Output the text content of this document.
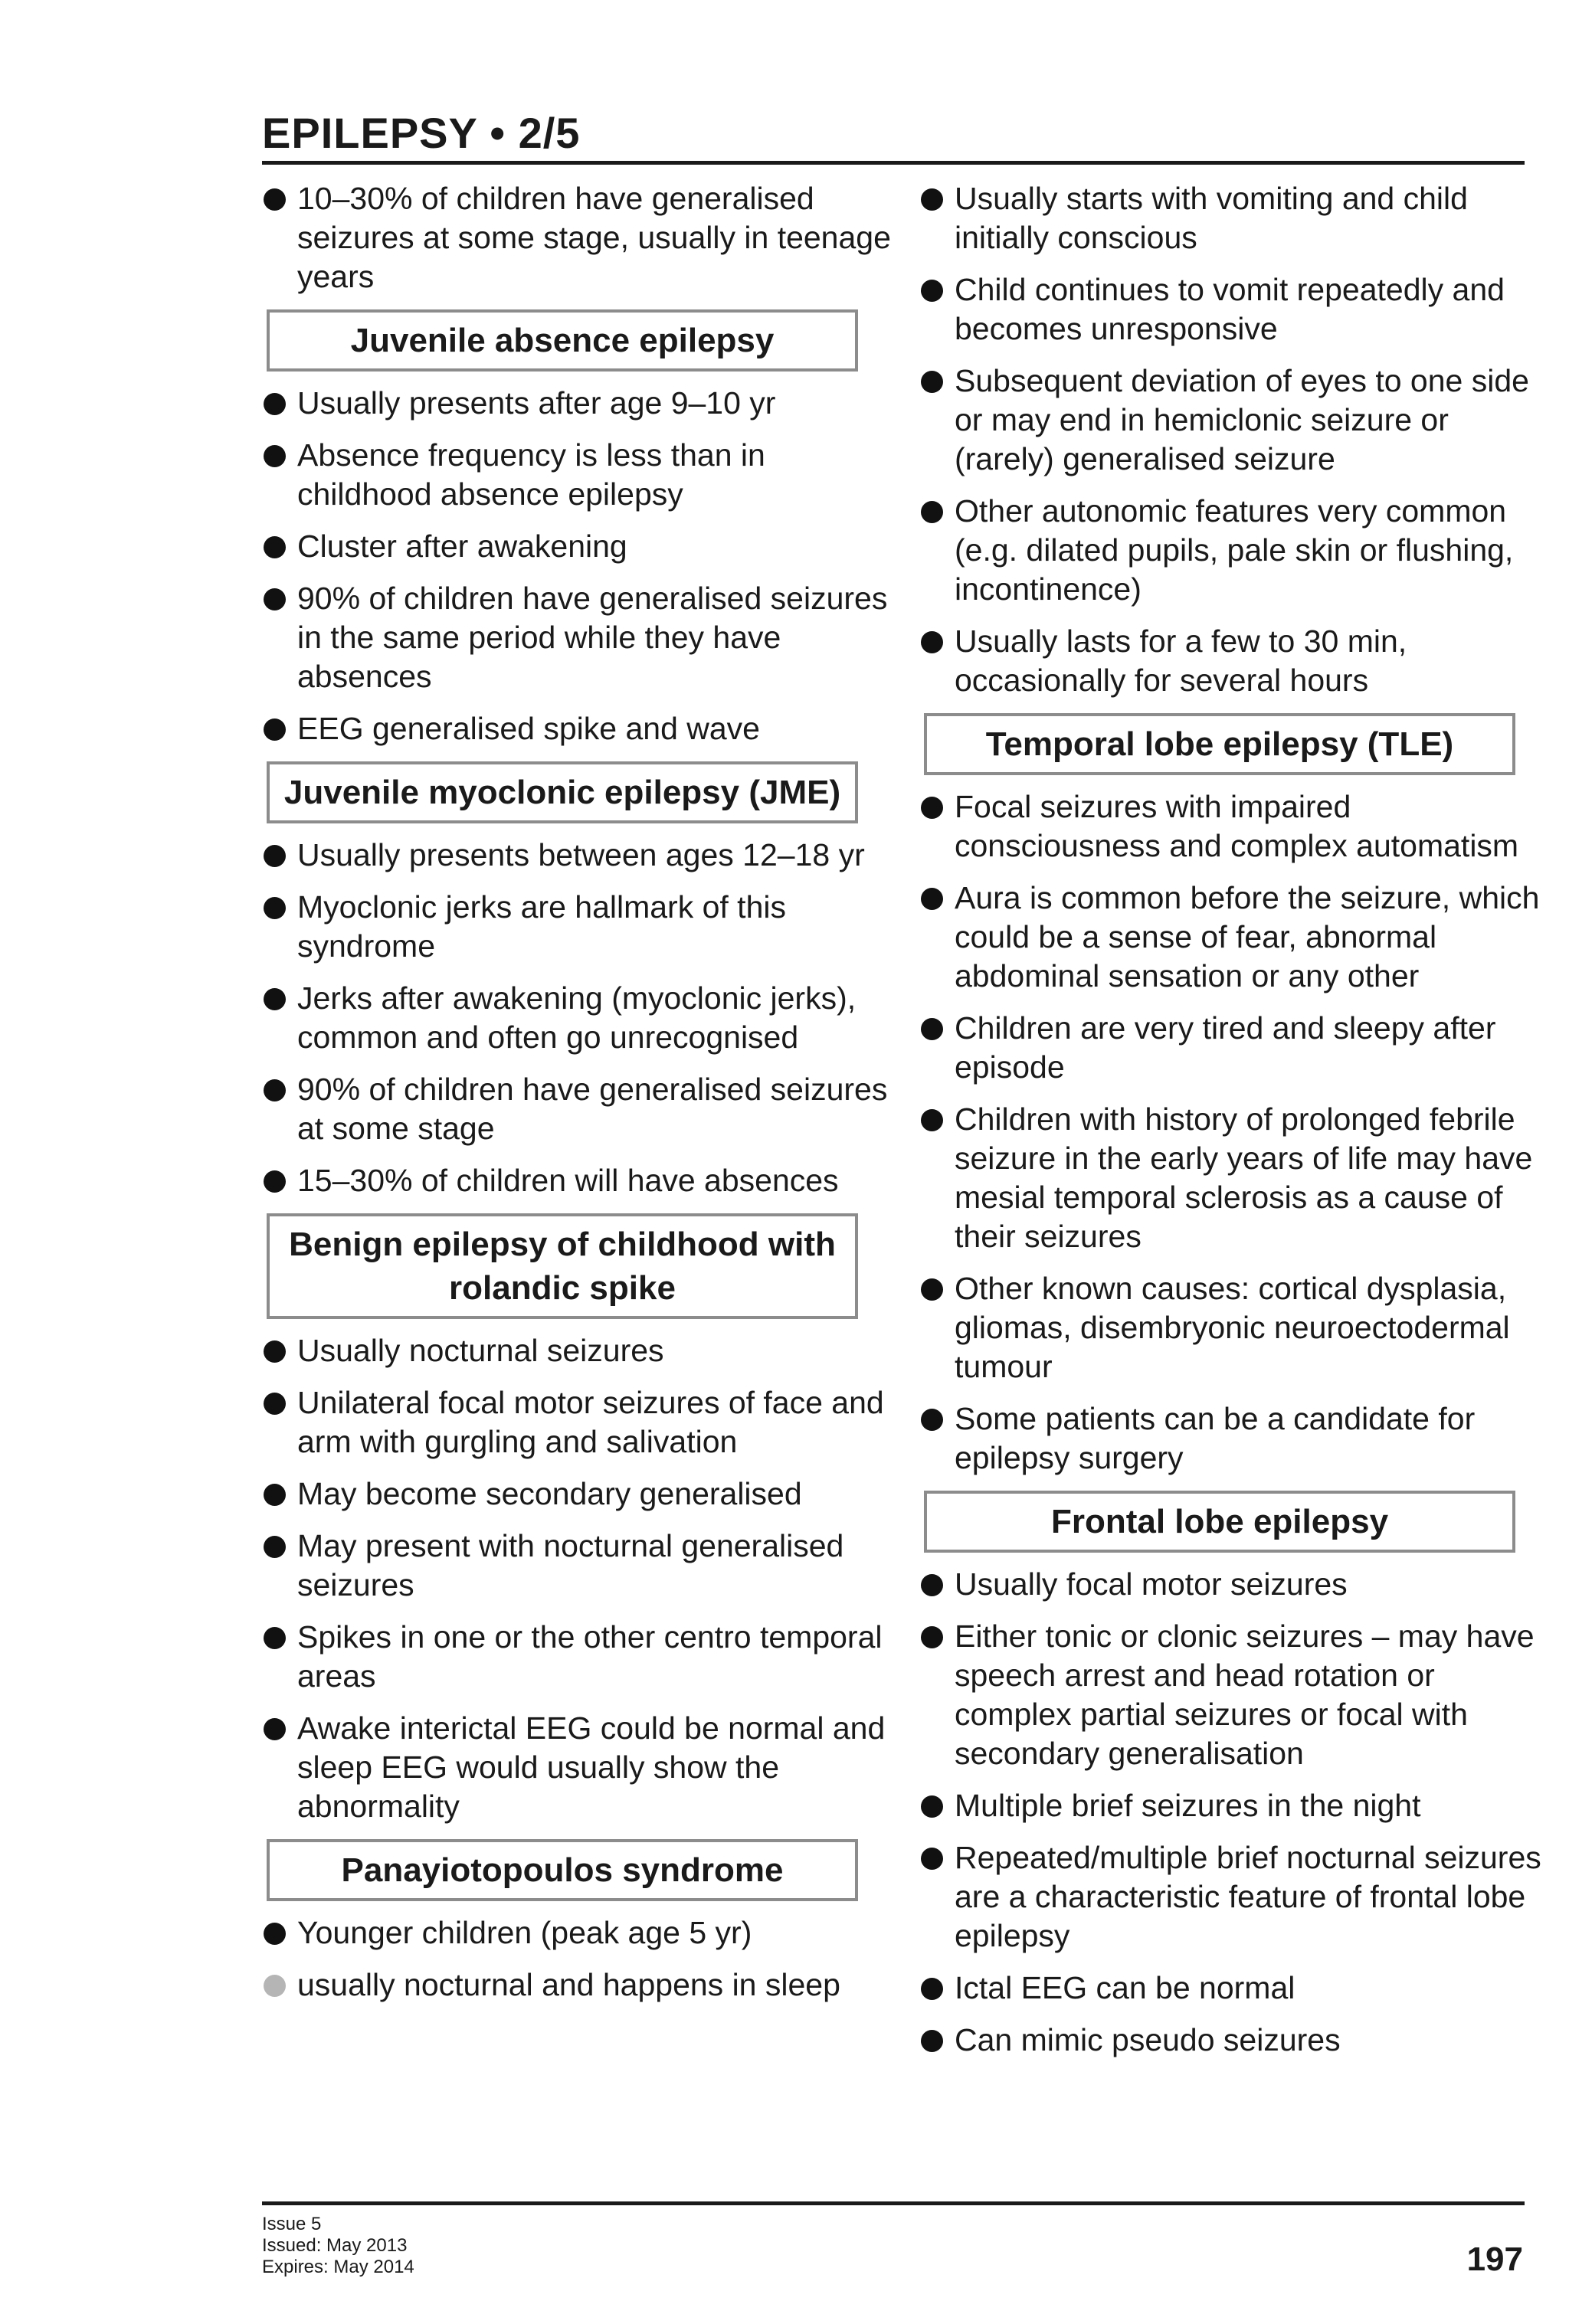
EPILEPSY • 2/5
10–30% of children have generalised seizures at some stage, usually in teenage years
Juvenile absence epilepsy
Usually presents after age 9–10 yr
Absence frequency is less than in childhood absence epilepsy
Cluster after awakening
90% of children have generalised seizures in the same period while they have absences
EEG generalised spike and wave
Juvenile myoclonic epilepsy (JME)
Usually presents between ages 12–18 yr
Myoclonic jerks are hallmark of this syndrome
Jerks after awakening (myoclonic jerks), common and often go unrecognised
90% of children have generalised seizures at some stage
15–30% of children will have absences
Benign epilepsy of childhood with rolandic spike
Usually nocturnal seizures
Unilateral focal motor seizures of face and arm with gurgling and salivation
May become secondary generalised
May present with nocturnal generalised seizures
Spikes in one or the other centro temporal areas
Awake interictal EEG could be normal and sleep EEG would usually show the abnormality
Panayiotopoulos syndrome
Younger children (peak age 5 yr)
usually nocturnal and happens in sleep
Usually starts with vomiting and child initially conscious
Child continues to vomit repeatedly and becomes unresponsive
Subsequent deviation of eyes to one side or may end in hemiclonic seizure or (rarely) generalised seizure
Other autonomic features very common (e.g. dilated pupils, pale skin or flushing, incontinence)
Usually lasts for a few to 30 min, occasionally for several hours
Temporal lobe epilepsy (TLE)
Focal seizures with impaired consciousness and complex automatism
Aura is common before the seizure, which could be a sense of fear, abnormal abdominal sensation or any other
Children are very tired and sleepy after episode
Children with history of prolonged febrile seizure in the early years of life may have mesial temporal sclerosis as a cause of their seizures
Other known causes: cortical dysplasia, gliomas, disembryonic neuroectodermal tumour
Some patients can be a candidate for epilepsy surgery
Frontal lobe epilepsy
Usually focal motor seizures
Either tonic or clonic seizures – may have speech arrest and head rotation or complex partial seizures or focal with secondary generalisation
Multiple brief seizures in the night
Repeated/multiple brief nocturnal seizures are a characteristic feature of frontal lobe epilepsy
Ictal EEG can be normal
Can mimic pseudo seizures
Issue 5
Issued: May 2013
Expires: May 2014	197
